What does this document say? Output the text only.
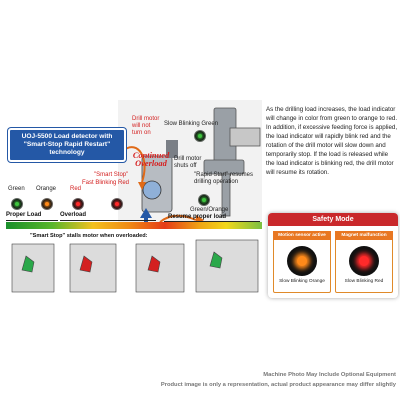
UOJ-5500 Load detector with
"Smart-Stop Rapid Restart"
technology
Drill motor
will not
turn on
Slow Blinking Green
Continued
Overload	Drill motor
shuts off
"Rapid Start" resumes
drilling operation
"Smart Stop"
Fast Blinking Red
Green Orange Red
Green/Orange
Proper Load	Overload	Resume proper load
"Smart Stop" stalls motor when overloaded:
As the drilling load increases, the load indicator will change in color from green to orange to red. In addition, if excessive feeding force is applied, the load indicator will rapidly blink red and the rotation of the drill motor will slow down and temporarily stop. If the load is released while the load indicator is blinking red, the drill motor will resume its rotation.
Safety Mode
Motion sensor active
Slow Blinking Orange
Magnet malfunction
Slow Blinking Red
Machine Photo May Include Optional Equipment
Product image is only a representation, actual product appearance may differ slightly
